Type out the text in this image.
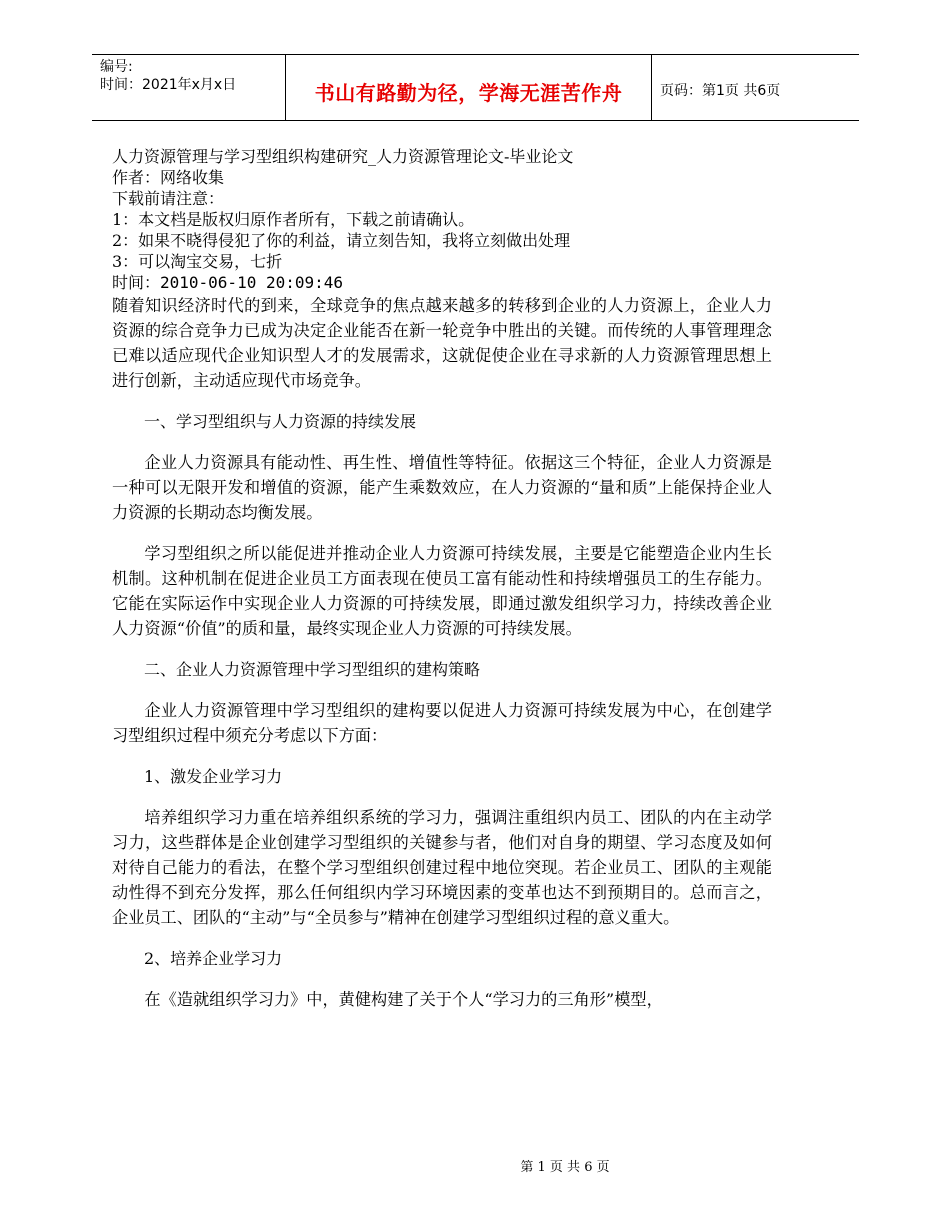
编号:
时间：2021年x月x日	书山有路勤为径，学海无涯苦作舟	页码：第1页 共6页
人力资源管理与学习型组织构建研究_人力资源管理论文-毕业论文
作者：网络收集
下载前请注意：
1：本文档是版权归原作者所有，下载之前请确认。
2：如果不晓得侵犯了你的利益，请立刻告知，我将立刻做出处理
3：可以淘宝交易，七折
时间：2010-06-10 20:09:46

随着知识经济时代的到来，全球竞争的焦点越来越多的转移到企业的人力资源上，企业人力资源的综合竞争力已成为决定企业能否在新一轮竞争中胜出的关键。而传统的人事管理理念已难以适应现代企业知识型人才的发展需求，这就促使企业在寻求新的人力资源管理思想上进行创新，主动适应现代市场竞争。

一、学习型组织与人力资源的持续发展

企业人力资源具有能动性、再生性、增值性等特征。依据这三个特征，企业人力资源是一种可以无限开发和增值的资源，能产生乘数效应，在人力资源的“量和质”上能保持企业人力资源的长期动态均衡发展。

学习型组织之所以能促进并推动企业人力资源可持续发展，主要是它能塑造企业内生长机制。这种机制在促进企业员工方面表现在使员工富有能动性和持续增强员工的生存能力。它能在实际运作中实现企业人力资源的可持续发展，即通过激发组织学习力，持续改善企业人力资源“价值”的质和量，最终实现企业人力资源的可持续发展。

二、企业人力资源管理中学习型组织的建构策略

企业人力资源管理中学习型组织的建构要以促进人力资源可持续发展为中心，在创建学习型组织过程中须充分考虑以下方面：

1、激发企业学习力

培养组织学习力重在培养组织系统的学习力，强调注重组织内员工、团队的内在主动学习力，这些群体是企业创建学习型组织的关键参与者，他们对自身的期望、学习态度及如何对待自己能力的看法，在整个学习型组织创建过程中地位突现。若企业员工、团队的主观能动性得不到充分发挥，那么任何组织内学习环境因素的变革也达不到预期目的。总而言之，企业员工、团队的“主动”与“全员参与”精神在创建学习型组织过程的意义重大。

2、培养企业学习力

在《造就组织学习力》中，黄健构建了关于个人“学习力的三角形”模型，

第 1 页 共 6 页
